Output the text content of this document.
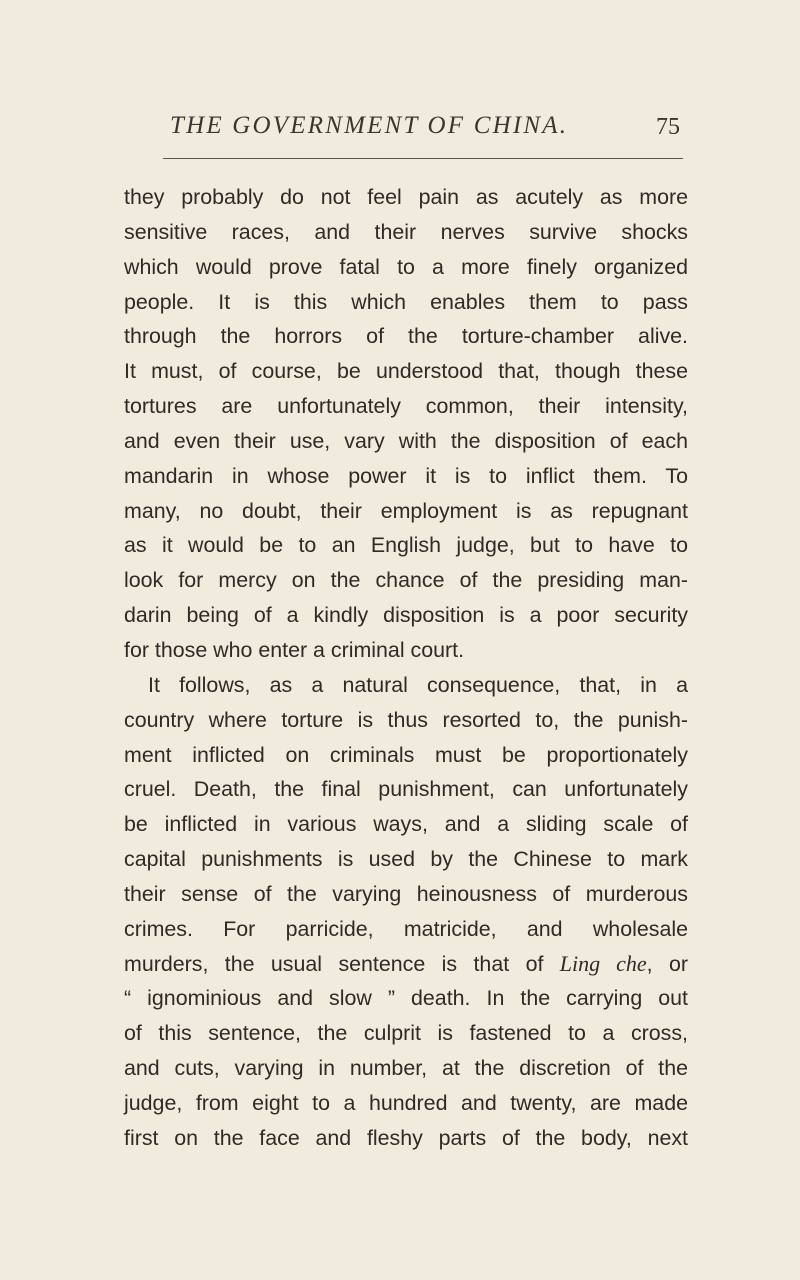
THE GOVERNMENT OF CHINA.	75
they probably do not feel pain as acutely as more
sensitive races, and their nerves survive shocks
which would prove fatal to a more finely organized
people. It is this which enables them to pass
through the horrors of the torture-chamber alive.
It must, of course, be understood that, though these
tortures are unfortunately common, their intensity,
and even their use, vary with the disposition of each
mandarin in whose power it is to inflict them. To
many, no doubt, their employment is as repugnant
as it would be to an English judge, but to have to
look for mercy on the chance of the presiding man-
darin being of a kindly disposition is a poor security
for those who enter a criminal court.
It follows, as a natural consequence, that, in a
country where torture is thus resorted to, the punish-
ment inflicted on criminals must be proportionately
cruel. Death, the final punishment, can unfortunately
be inflicted in various ways, and a sliding scale of
capital punishments is used by the Chinese to mark
their sense of the varying heinousness of murderous
crimes. For parricide, matricide, and wholesale
murders, the usual sentence is that of Ling che, or
“ ignominious and slow ” death. In the carrying out
of this sentence, the culprit is fastened to a cross,
and cuts, varying in number, at the discretion of the
judge, from eight to a hundred and twenty, are made
first on the face and fleshy parts of the body, next
